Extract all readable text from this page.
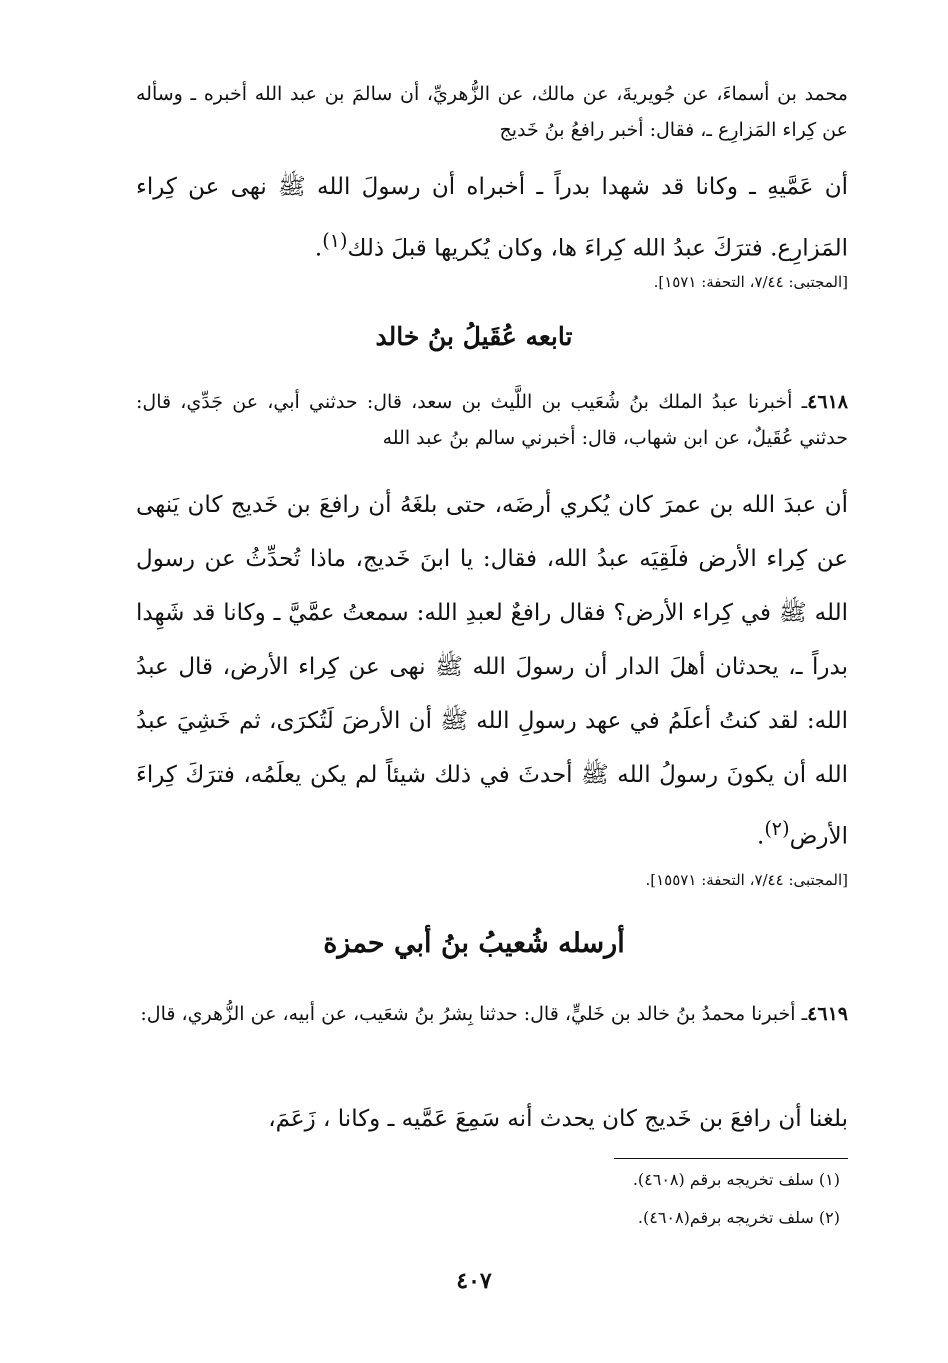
محمد بن أسماءَ، عن جُويريةَ، عن مالك، عن الزُّهريِّ، أن سالمَ بن عبد الله أخبره ـ وسأله عن كِراء المَزارِع ـ، فقال: أخبر رافعُ بنُ خَديج
أن عَمَّيهِ ـ وكانا قد شهدا بدراً ـ أخبراه أن رسولَ الله ﷺ نهى عن كِراء المَزارِع. فترَكَ عبدُ الله كِراءَ ها، وكان يُكريها قبلَ ذلك$^{(١)}$.
[المجتبى: ٧/٤٤، التحفة: ١٥٧١].
تابعه عُقَيلُ بنُ خالد
٤٦١٨ـ أخبرنا عبدُ الملك بنُ شُعَيب بن اللَّيث بن سعد، قال: حدثني أبي، عن جَدِّي، قال: حدثني عُقَيلٌ، عن ابن شهاب، قال: أخبرني سالم بنُ عبد الله
أن عبدَ الله بن عمرَ كان يُكري أرضَه، حتى بلغَهُ أن رافعَ بن خَديج كان يَنهى عن كِراء الأرض فلَقِيَه عبدُ الله، فقال: يا ابنَ خَديج، ماذا تُحدِّثُ عن رسول الله ﷺ في كِراء الأرض؟ فقال رافعٌ لعبدِ الله: سمعتُ عمَّيَّ ـ وكانا قد شَهِدا بدراً ـ، يحدثان أهلَ الدار أن رسولَ الله ﷺ نهى عن كِراء الأرض، قال عبدُ الله: لقد كنتُ أعلَمُ في عهد رسولِ الله ﷺ أن الأرضَ لَتُكرَى، ثم خَشِيَ عبدُ الله أن يكونَ رسولُ الله ﷺ أحدثَ في ذلك شيئاً لم يكن يعلَمُه، فترَكَ كِراءَ الأرض$^{(٢)}$.
[المجتبى: ٧/٤٤، التحفة: ١٥٥٧١].
أرسله شُعيبُ بنُ أبي حمزة
٤٦١٩ـ أخبرنا محمدُ بنُ خالد بن خَليٍّ، قال: حدثنا بِشرُ بنُ شعَيب، عن أبيه، عن الزُّهري، قال:
بلغنا أن رافعَ بن خَديج كان يحدث أنه سَمِعَ عَمَّيه ـ وكانا ، زَعَمَ،
(١) سلف تخريجه برقم (٤٦٠٨).
(٢) سلف تخريجه برقم(٤٦٠٨).
٤٠٧
